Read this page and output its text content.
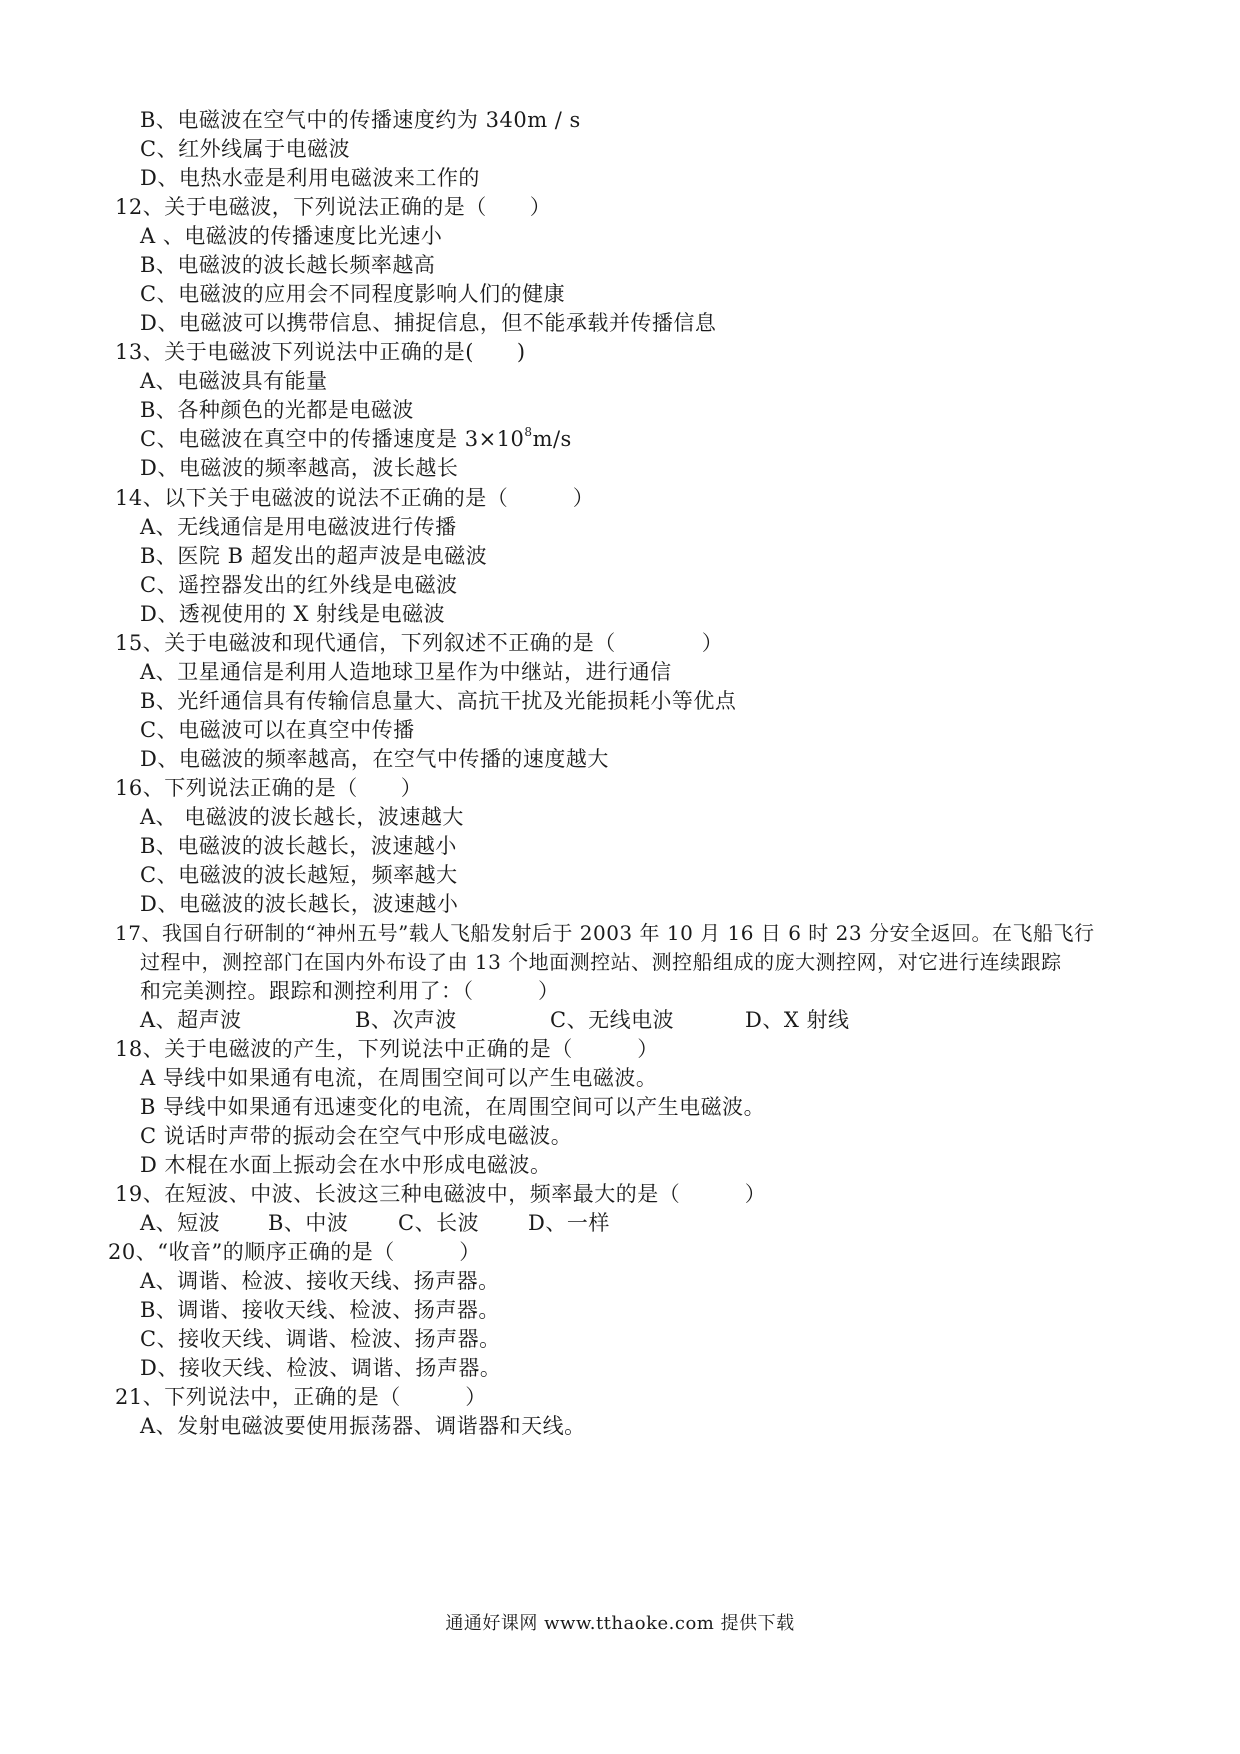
B、电磁波在空气中的传播速度约为 340m / s
C、红外线属于电磁波
D、电热水壶是利用电磁波来工作的
12、关于电磁波，下列说法正确的是（　　）
A 、电磁波的传播速度比光速小
B、电磁波的波长越长频率越高
C、电磁波的应用会不同程度影响人们的健康
D、电磁波可以携带信息、捕捉信息，但不能承载并传播信息
13、关于电磁波下列说法中正确的是(　　)
A、电磁波具有能量
B、各种颜色的光都是电磁波
C、电磁波在真空中的传播速度是 $3\times 10^8m/s$
D、电磁波的频率越高，波长越长
14、以下关于电磁波的说法不正确的是（　　　）
A、无线通信是用电磁波进行传播
B、医院 B 超发出的超声波是电磁波
C、遥控器发出的红外线是电磁波
D、透视使用的 X 射线是电磁波
15、关于电磁波和现代通信，下列叙述不正确的是（　　　　）
A、卫星通信是利用人造地球卫星作为中继站，进行通信
B、光纤通信具有传输信息量大、高抗干扰及光能损耗小等优点
C、电磁波可以在真空中传播
D、电磁波的频率越高，在空气中传播的速度越大
16、下列说法正确的是（　　）
A、 电磁波的波长越长，波速越大
B、电磁波的波长越长，波速越小
C、电磁波的波长越短，频率越大
D、电磁波的波长越长，波速越小
17、我国自行研制的“神州五号”载人飞船发射后于 2003 年 10 月 16 日 6 时 23 分安全返回。在飞船飞行
过程中，测控部门在国内外布设了由 13 个地面测控站、测控船组成的庞大测控网，对它进行连续跟踪
和完美测控。跟踪和测控利用了：（　　　）
A、超声波	B、次声波	C、无线电波	D、X 射线
18、关于电磁波的产生，下列说法中正确的是（　　　）
A 导线中如果通有电流，在周围空间可以产生电磁波。
B 导线中如果通有迅速变化的电流，在周围空间可以产生电磁波。
C 说话时声带的振动会在空气中形成电磁波。
D 木棍在水面上振动会在水中形成电磁波。
19、在短波、中波、长波这三种电磁波中，频率最大的是（　　　）
A、短波 B、中波 C、长波 D、一样
20、“收音”的顺序正确的是（　　　）
A、调谐、检波、接收天线、扬声器。
B、调谐、接收天线、检波、扬声器。
C、接收天线、调谐、检波、扬声器。
D、接收天线、检波、调谐、扬声器。
21、下列说法中，正确的是（　　　）
A、发射电磁波要使用振荡器、调谐器和天线。
通通好课网 www.tthaoke.com 提供下载
